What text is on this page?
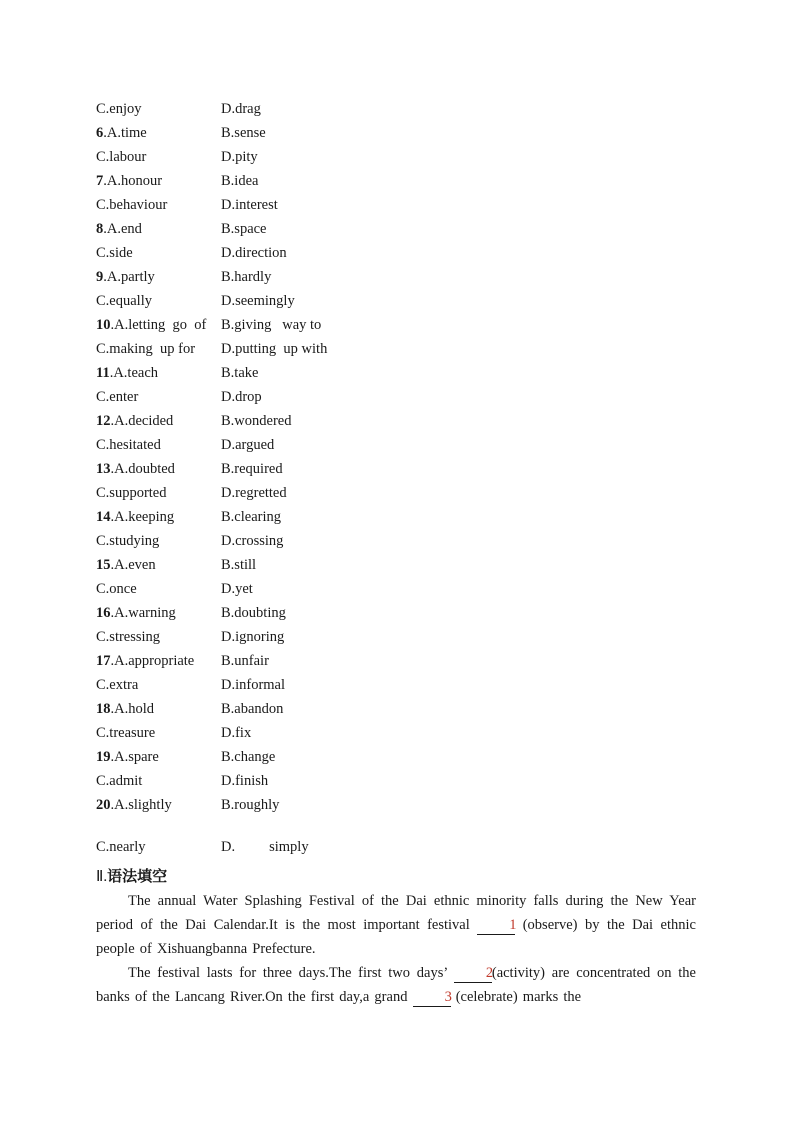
C.enjoy	D.drag
6.A.time	B.sense
C.labour	D.pity
7.A.honour	B.idea
C.behaviour	D.interest
8.A.end	B.space
C.side	D.direction
9.A.partly	B.hardly
C.equally	D.seemingly
10.A.letting  go  of	B.giving   way to
C.making  up for	D.putting  up with
11.A.teach	B.take
C.enter	D.drop
12.A.decided	B.wondered
C.hesitated	D.argued
13.A.doubted	B.required
C.supported	D.regretted
14.A.keeping	B.clearing
C.studying	D.crossing
15.A.even	B.still
C.once	D.yet
16.A.warning	B.doubting
C.stressing	D.ignoring
17.A.appropriate	B.unfair
C.extra	D.informal
18.A.hold	B.abandon
C.treasure	D.fix
19.A.spare	B.change
C.admit	D.finish
20.A.slightly	B.roughly
C.nearly	D. simply
Ⅱ.语法填空

The annual Water Splashing Festival of the Dai ethnic minority falls during the New Year period of the Dai Calendar.It is the most important festival 1 (observe) by the Dai ethnic people of Xishuangbanna Prefecture.

The festival lasts for three days.The first two days’ 2(activity) are concentrated on the banks of the Lancang River.On the first day,a grand 3 (celebrate) marks the
